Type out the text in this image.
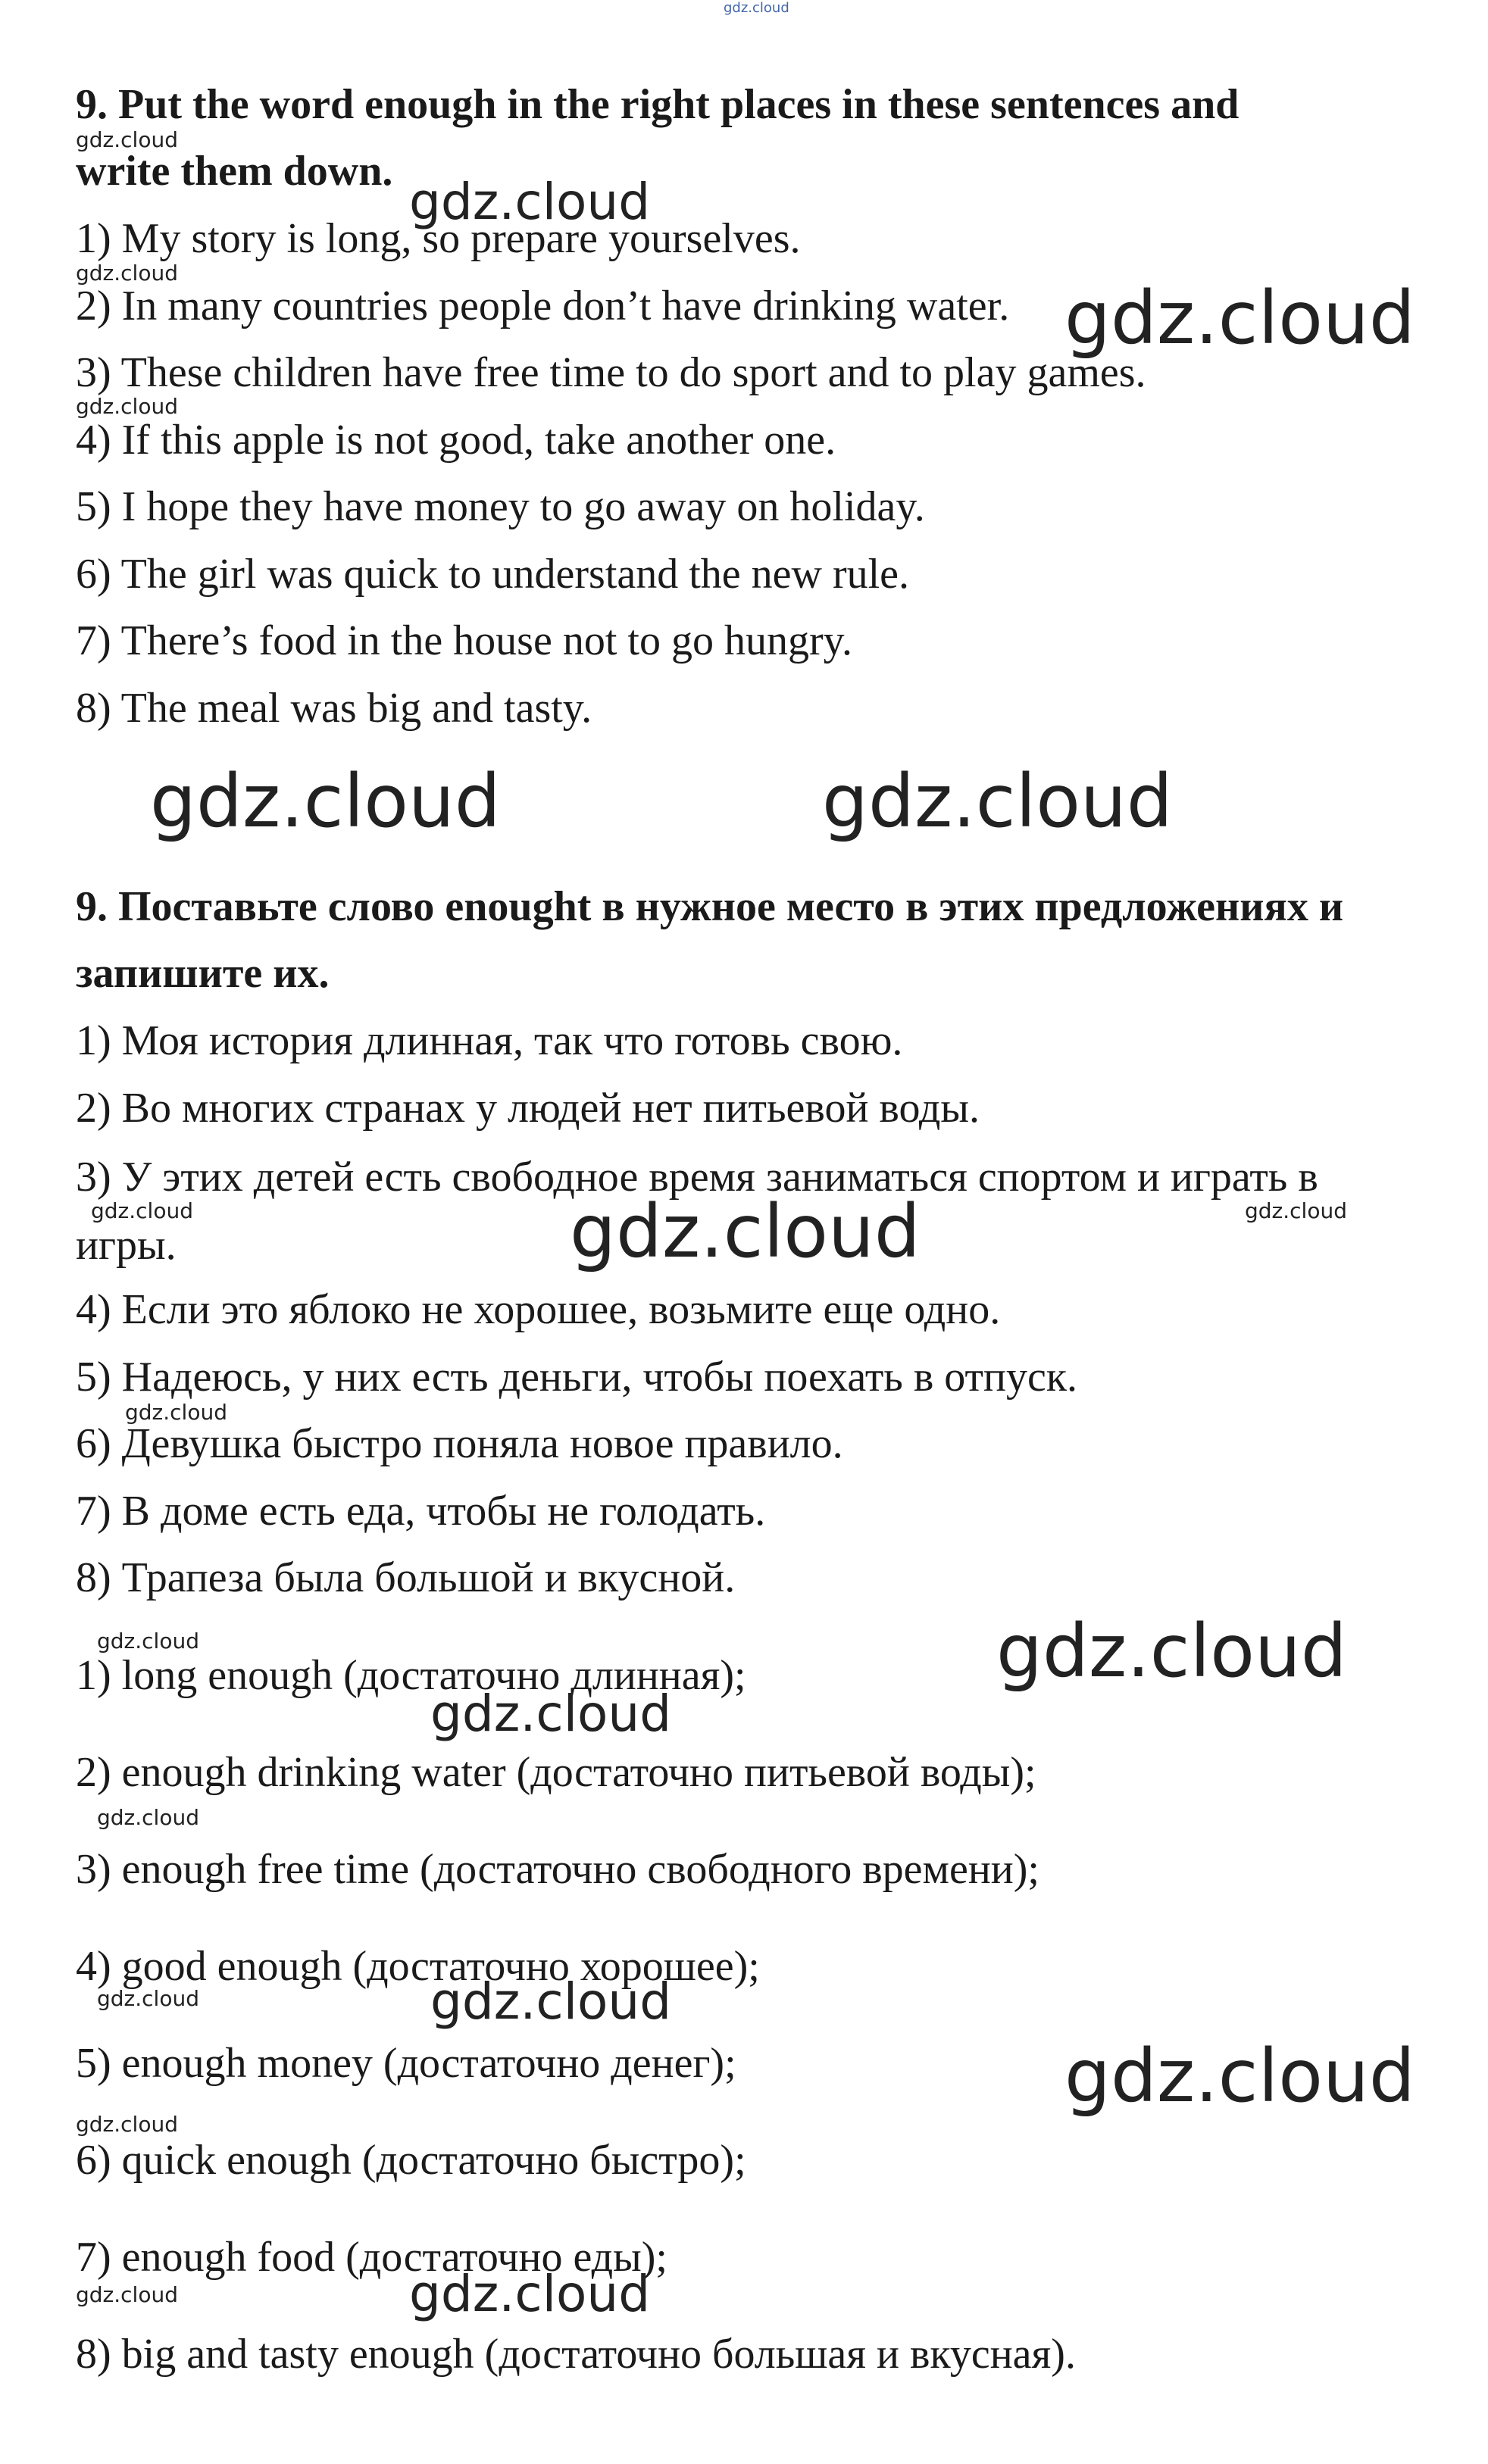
9. Put the word enough in the right places in these sentences and
write them down.
1) My story is long, so prepare yourselves.
2) In many countries people don’t have drinking water.
3) These children have free time to do sport and to play games.
4) If this apple is not good, take another one.
5) I hope they have money to go away on holiday.
6) The girl was quick to understand the new rule.
7) There’s food in the house not to go hungry.
8) The meal was big and tasty.
9. Поставьте слово enought в нужное место в этих предложениях и запишите их.
1) Моя история длинная, так что готовь свою.
2) Во многих странах у людей нет питьевой воды.
3) У этих детей есть свободное время заниматься спортом и играть в игры.
4) Если это яблоко не хорошее, возьмите еще одно.
5) Надеюсь, у них есть деньги, чтобы поехать в отпуск.
6) Девушка быстро поняла новое правило.
7) В доме есть еда, чтобы не голодать.
8) Трапеза была большой и вкусной.
1) long enough (достаточно длинная);
2) enough drinking water (достаточно питьевой воды);
3) enough free time (достаточно свободного времени);
4) good enough (достаточно хорошее);
5) enough money (достаточно денег);
6) quick enough (достаточно быстро);
7) enough food (достаточно еды);
8) big and tasty enough (достаточно большая и вкусная).
gdz.cloud
gdz.cloud
gdz.cloud
gdz.cloud
gdz.cloud
gdz.cloud
gdz.cloud	gdz.cloud
gdz.cloud	gdz.cloud	gdz.cloud
gdz.cloud
gdz.cloud	gdz.cloud
gdz.cloud
gdz.cloud
gdz.cloud	gdz.cloud
gdz.cloud
gdz.cloud
gdz.cloud	gdz.cloud
